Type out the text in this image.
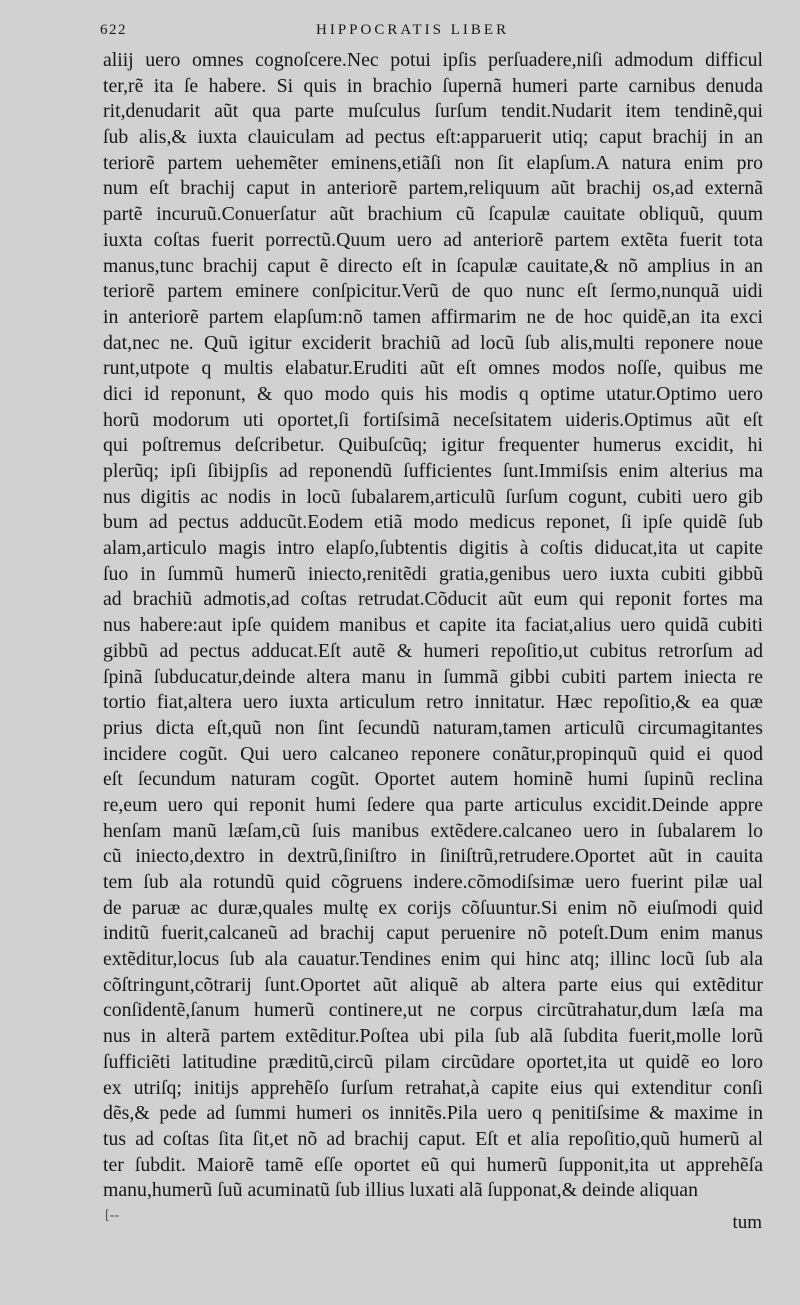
622	HIPPOCRATIS LIBER
aliĳ uero omnes cognoſcere.Nec potui ipſis perſuadere,niſi admodum difficul
ter,rẽ ita ſe habere. Si quis in brachio ſupernã humeri parte carnibus denuda
rit,denudarit aũt qua parte muſculus ſurſum tendit.Nudarit item tendinẽ,qui
ſub alis,& iuxta clauiculam ad pectus eſt:apparuerit utiq; caput brachĳ in an
teriorẽ partem uehemẽter eminens,etiãſi non ſit elapſum.A natura enim pro
num eſt brachĳ caput in anteriorẽ partem,reliquum aũt brachĳ os,ad externã
partẽ incuruũ.Conuerſatur aũt brachium cũ ſcapulæ cauitate obliquũ, quum
iuxta coſtas fuerit porrectũ.Quum uero ad anteriorẽ partem extẽta fuerit tota
manus,tunc brachĳ caput ẽ directo eſt in ſcapulæ cauitate,& nõ amplius in an
teriorẽ partem eminere conſpicitur.Verũ de quo nunc eſt ſermo,nunquã uidi
in anteriorẽ partem elapſum:nõ tamen affirmarim ne de hoc quidẽ,an ita exci
dat,nec ne. Quũ igitur exciderit brachiũ ad locũ ſub alis,multi reponere noue
runt,utpote q multis elabatur.Eruditi aũt eſt omnes modos noſſe, quibus me
dici id reponunt, & quo modo quis his modis q optime utatur.Optimo uero
horũ modorum uti oportet,ſi fortiſsimã neceſsitatem uideris.Optimus aũt eſt
qui poſtremus deſcribetur. Quibuſcũq; igitur frequenter humerus excidit, hi
plerũq; ipſi ſibĳpſis ad reponendũ ſufficientes ſunt.Immiſsis enim alterius ma
nus digitis ac nodis in locũ ſubalarem,articulũ ſurſum cogunt, cubiti uero gib
bum ad pectus adducũt.Eodem etiã modo medicus reponet, ſi ipſe quidẽ ſub
alam,articulo magis intro elapſo,ſubtentis digitis à coſtis diducat,ita ut capite
ſuo in ſummũ humerũ iniecto,renitẽdi gratia,genibus uero iuxta cubiti gibbũ
ad brachiũ admotis,ad coſtas retrudat.Cõducit aũt eum qui reponit fortes ma
nus habere:aut ipſe quidem manibus et capite ita faciat,alius uero quidã cubiti
gibbũ ad pectus adducat.Eſt autẽ & humeri repoſitio,ut cubitus retrorſum ad
ſpinã ſubducatur,deinde altera manu in ſummã gibbi cubiti partem iniecta re
tortio fiat,altera uero iuxta articulum retro innitatur. Hæc repoſitio,& ea quæ
prius dicta eſt,quũ non ſint ſecundũ naturam,tamen articulũ circumagitantes
incidere cogũt. Qui uero calcaneo reponere conãtur,propinquũ quid ei quod
eſt ſecundum naturam cogũt. Oportet autem hominẽ humi ſupinũ reclina
re,eum uero qui reponit humi ſedere qua parte articulus excidit.Deinde appre
henſam manũ læſam,cũ ſuis manibus extẽdere.calcaneo uero in ſubalarem lo
cũ iniecto,dextro in dextrũ,ſiniſtro in ſiniſtrũ,retrudere.Oportet aũt in cauita
tem ſub ala rotundũ quid cõgruens indere.cõmodiſsimæ uero fuerint pilæ ual
de paruæ ac duræ,quales multę ex corĳs cõſuuntur.Si enim nõ eiuſmodi quid
inditũ fuerit,calcaneũ ad brachĳ caput peruenire nõ poteſt.Dum enim manus
extẽditur,locus ſub ala cauatur.Tendines enim qui hinc atq; illinc locũ ſub ala
cõſtringunt,cõtrarĳ ſunt.Oportet aũt aliquẽ ab altera parte eius qui extẽditur
conſidentẽ,ſanum humerũ continere,ut ne corpus circũtrahatur,dum læſa ma
nus in alterã partem extẽditur.Poſtea ubi pila ſub alã ſubdita fuerit,molle lorũ
ſufficiẽti latitudine præditũ,circũ pilam circũdare oportet,ita ut quidẽ eo loro
ex utriſq; initĳs apprehẽſo ſurſum retrahat,à capite eius qui extenditur conſi
dẽs,& pede ad ſummi humeri os innitẽs.Pila uero q penitiſsime & maxime in
tus ad coſtas ſita ſit,et nõ ad brachĳ caput. Eſt et alia repoſitio,quũ humerũ al
ter ſubdit. Maiorẽ tamẽ eſſe oportet eũ qui humerũ ſupponit,ita ut apprehẽſa
manu,humerũ ſuũ acuminatũ ſub illius luxati alã ſupponat,& deinde aliquan
[--	tum
